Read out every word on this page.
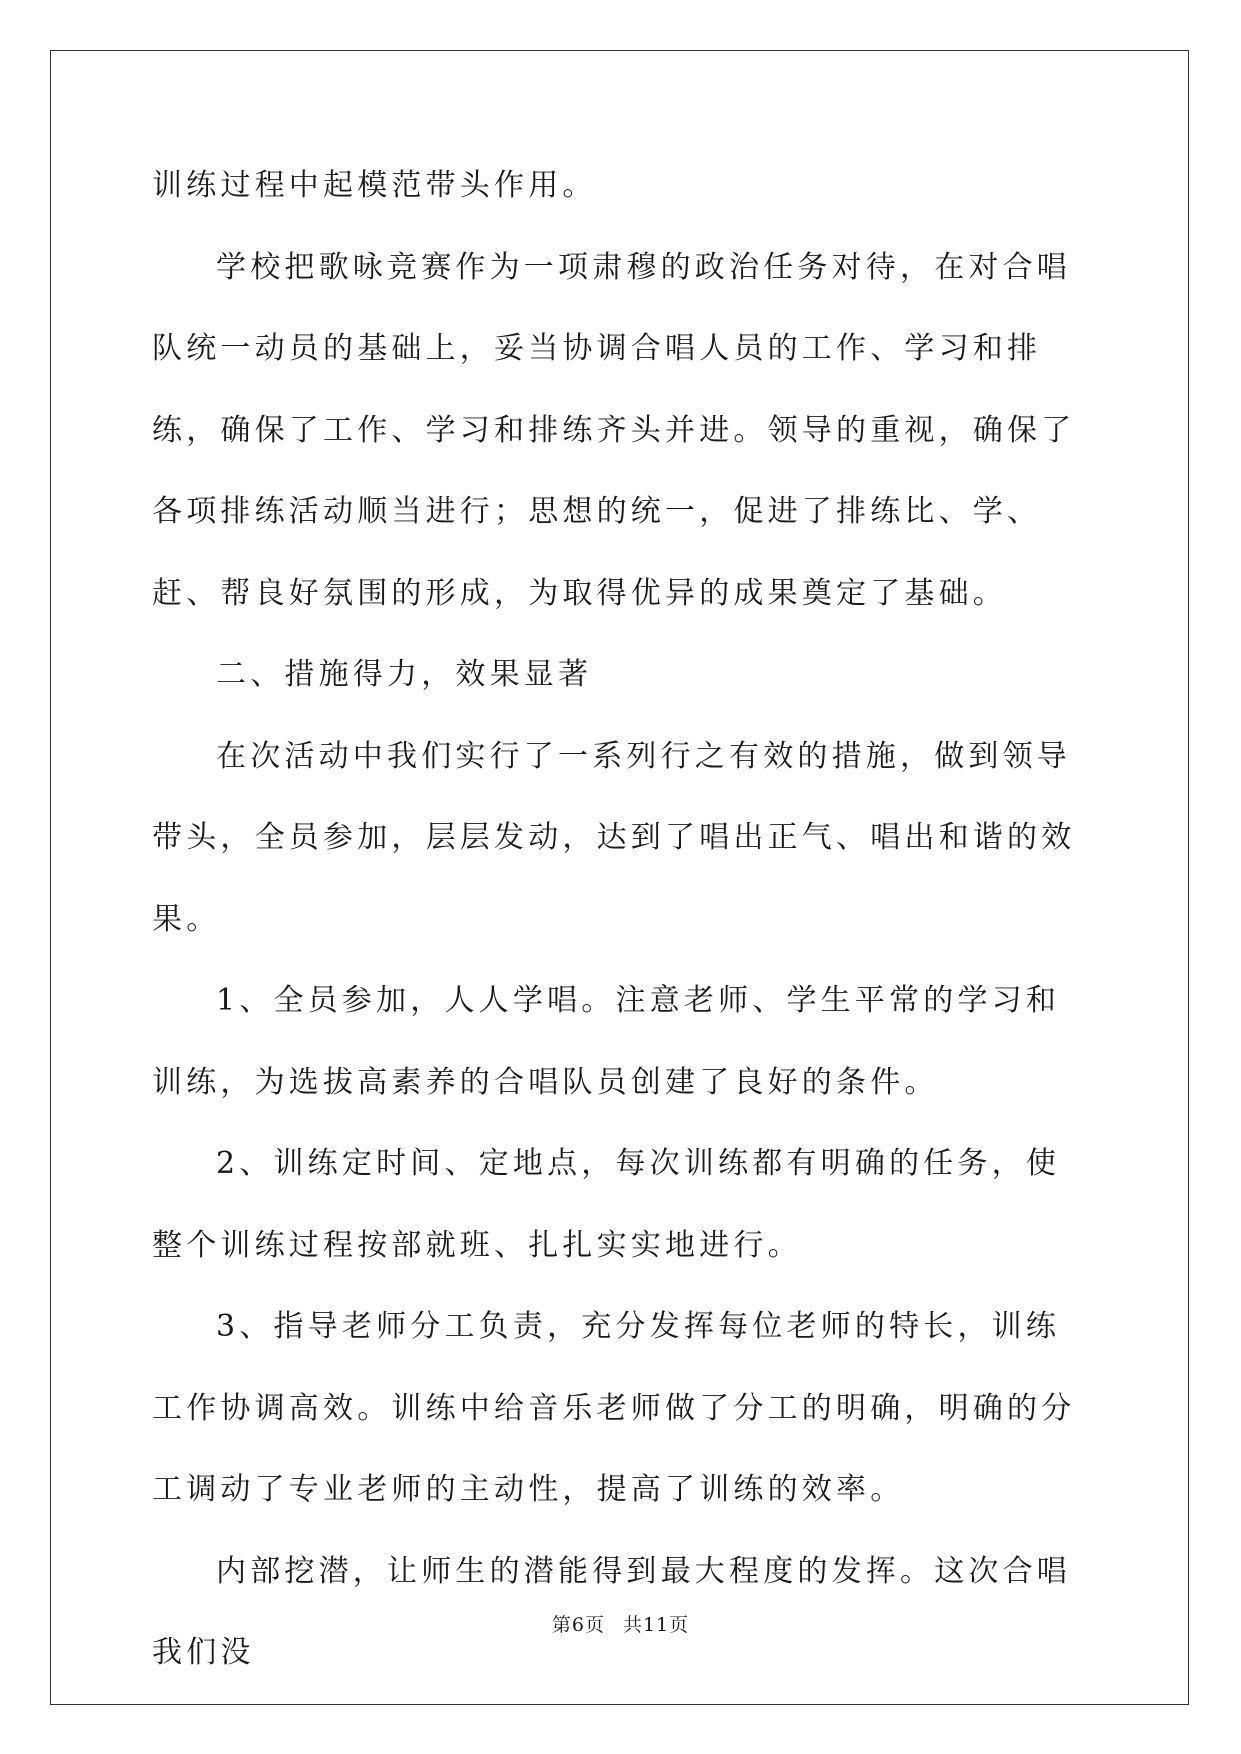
训练过程中起模范带头作用。

学校把歌咏竞赛作为一项肃穆的政治任务对待，在对合唱队统一动员的基础上，妥当协调合唱人员的工作、学习和排练，确保了工作、学习和排练齐头并进。领导的重视，确保了各项排练活动顺当进行；思想的统一，促进了排练比、学、赶、帮良好氛围的形成，为取得优异的成果奠定了基础。

二、措施得力，效果显著

在次活动中我们实行了一系列行之有效的措施，做到领导带头，全员参加，层层发动，达到了唱出正气、唱出和谐的效果。

1、全员参加，人人学唱。注意老师、学生平常的学习和训练，为选拔高素养的合唱队员创建了良好的条件。

2、训练定时间、定地点，每次训练都有明确的任务，使整个训练过程按部就班、扎扎实实地进行。

3、指导老师分工负责，充分发挥每位老师的特长，训练工作协调高效。训练中给音乐老师做了分工的明确，明确的分工调动了专业老师的主动性，提高了训练的效率。

内部挖潜，让师生的潜能得到最大程度的发挥。这次合唱我们没

第6页 共11页
